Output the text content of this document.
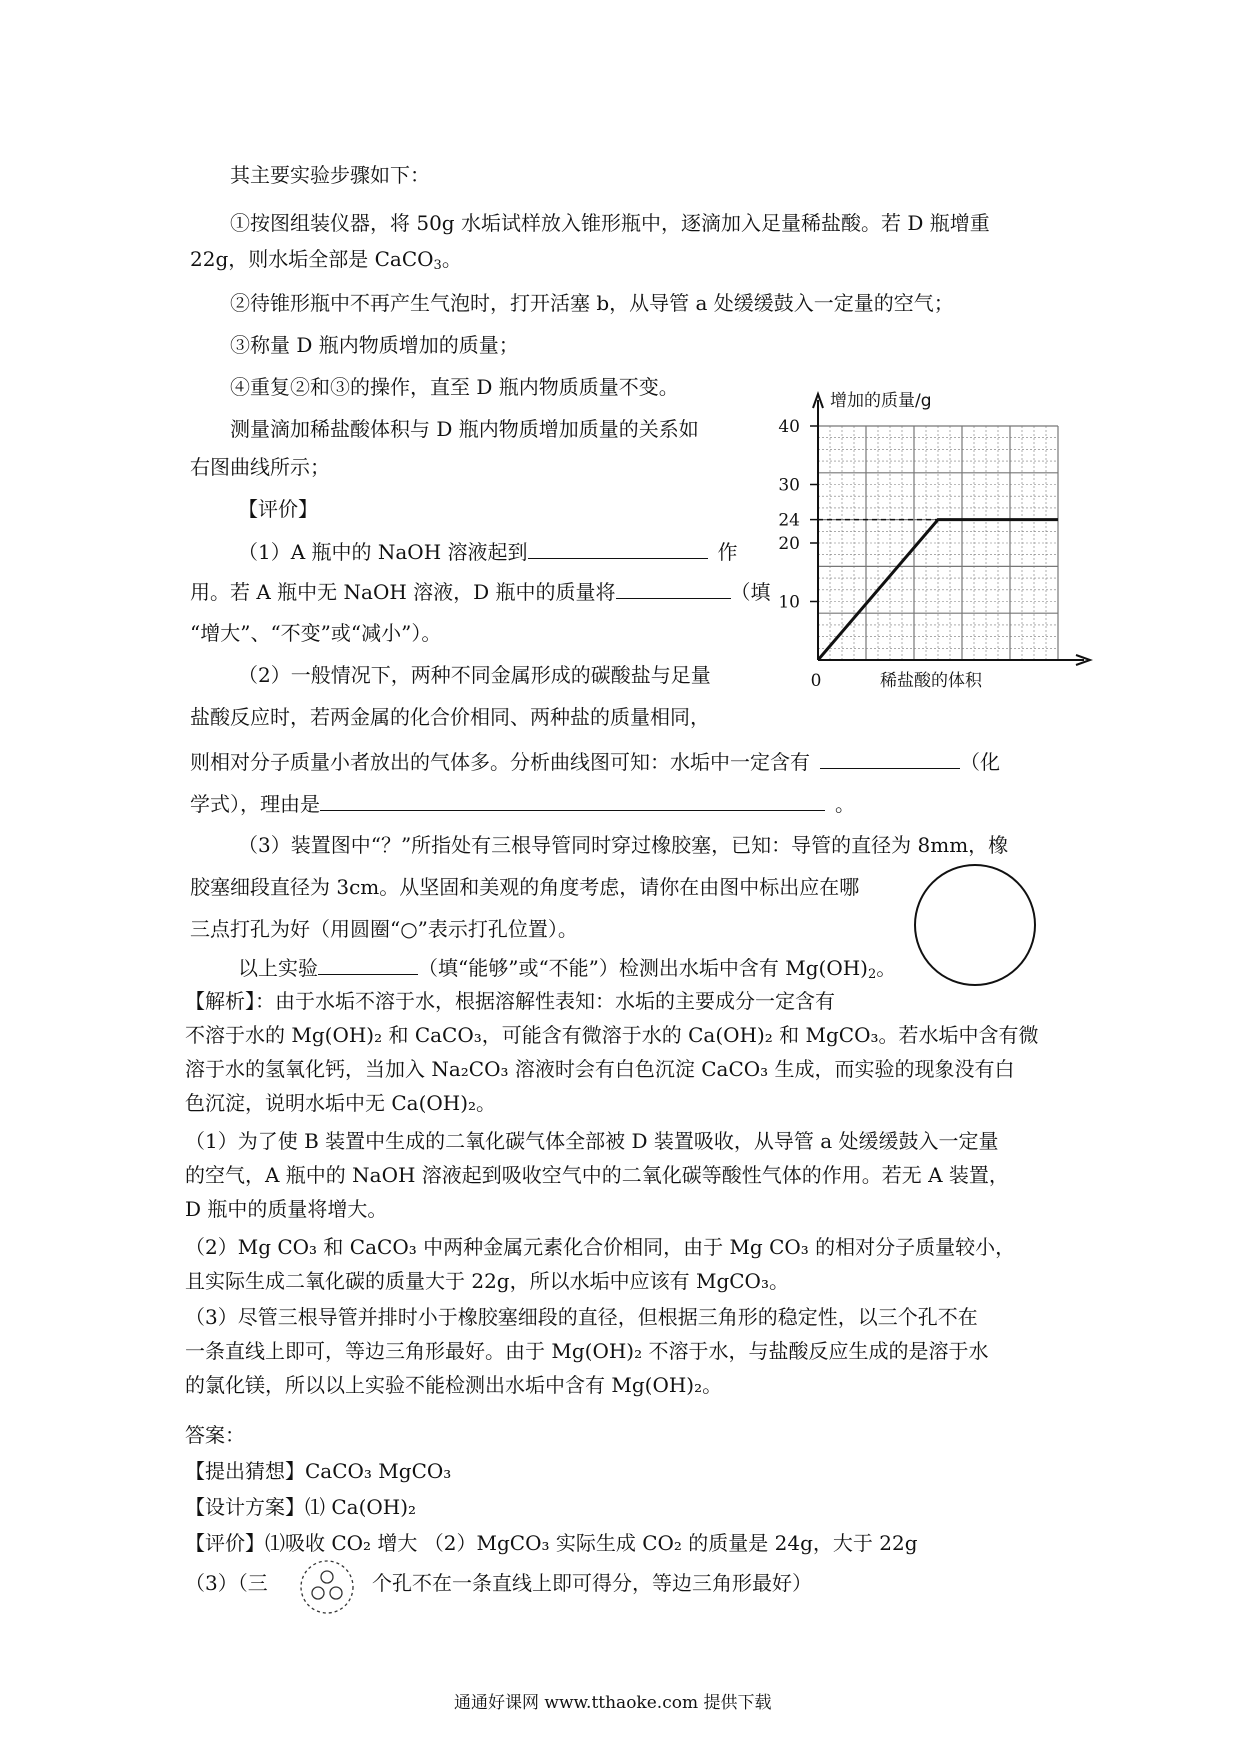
其主要实验步骤如下：
①按图组装仪器，将 50g 水垢试样放入锥形瓶中，逐滴加入足量稀盐酸。若 D 瓶增重
22g，则水垢全部是 CaCO$_3$。
②待锥形瓶中不再产生气泡时，打开活塞 b，从导管 a 处缓缓鼓入一定量的空气；
③称量 D 瓶内物质增加的质量；
④重复②和③的操作，直至 D 瓶内物质质量不变。
测量滴加稀盐酸体积与 D 瓶内物质增加质量的关系如
右图曲线所示；
【评价】
（1）A 瓶中的 NaOH 溶液起到	作
用。若 A 瓶中无 NaOH 溶液，D 瓶中的质量将	（填
“增大”、“不变”或“减小”）。
（2）一般情况下，两种不同金属形成的碳酸盐与足量
盐酸反应时，若两金属的化合价相同、两种盐的质量相同，
则相对分子质量小者放出的气体多。分析曲线图可知：水垢中一定含有	（化
学式），理由是	。
（3）装置图中“？”所指处有三根导管同时穿过橡胶塞，已知：导管的直径为 8mm，橡
胶塞细段直径为 3cm。从坚固和美观的角度考虑，请你在由图中标出应在哪
三点打孔为好（用圆圈“○”表示打孔位置）。
以上实验	（填“能够”或“不能”）检测出水垢中含有 $Mg(OH)_2$。
【解析】：由于水垢不溶于水，根据溶解性表知：水垢的主要成分一定含有
不溶于水的 Mg(OH)₂ 和 CaCO₃，可能含有微溶于水的 Ca(OH)₂ 和 MgCO₃。若水垢中含有微
溶于水的氢氧化钙，当加入 Na₂CO₃ 溶液时会有白色沉淀 CaCO₃ 生成，而实验的现象没有白
色沉淀，说明水垢中无 Ca(OH)₂。
（1）为了使 B 装置中生成的二氧化碳气体全部被 D 装置吸收，从导管 a 处缓缓鼓入一定量
的空气，A 瓶中的 NaOH 溶液起到吸收空气中的二氧化碳等酸性气体的作用。若无 A 装置，
D 瓶中的质量将增大。
（2）Mg CO₃ 和 CaCO₃ 中两种金属元素化合价相同，由于 Mg CO₃ 的相对分子质量较小，
且实际生成二氧化碳的质量大于 22g，所以水垢中应该有 MgCO₃。
（3）尽管三根导管并排时小于橡胶塞细段的直径，但根据三角形的稳定性，以三个孔不在
一条直线上即可，等边三角形最好。由于 Mg(OH)₂ 不溶于水，与盐酸反应生成的是溶于水
的氯化镁，所以以上实验不能检测出水垢中含有 Mg(OH)₂。
答案：
【提出猜想】CaCO₃ MgCO₃
【设计方案】⑴ Ca(OH)₂
【评价】⑴吸收 CO₂ 增大 （2）MgCO₃ 实际生成 CO₂ 的质量是 24g，大于 22g
（3）（三	个孔不在一条直线上即可得分，等边三角形最好）
通通好课网 www.tthaoke.com 提供下载
10
20
24
30
40
增加的质量/g
稀盐酸的体积
0
